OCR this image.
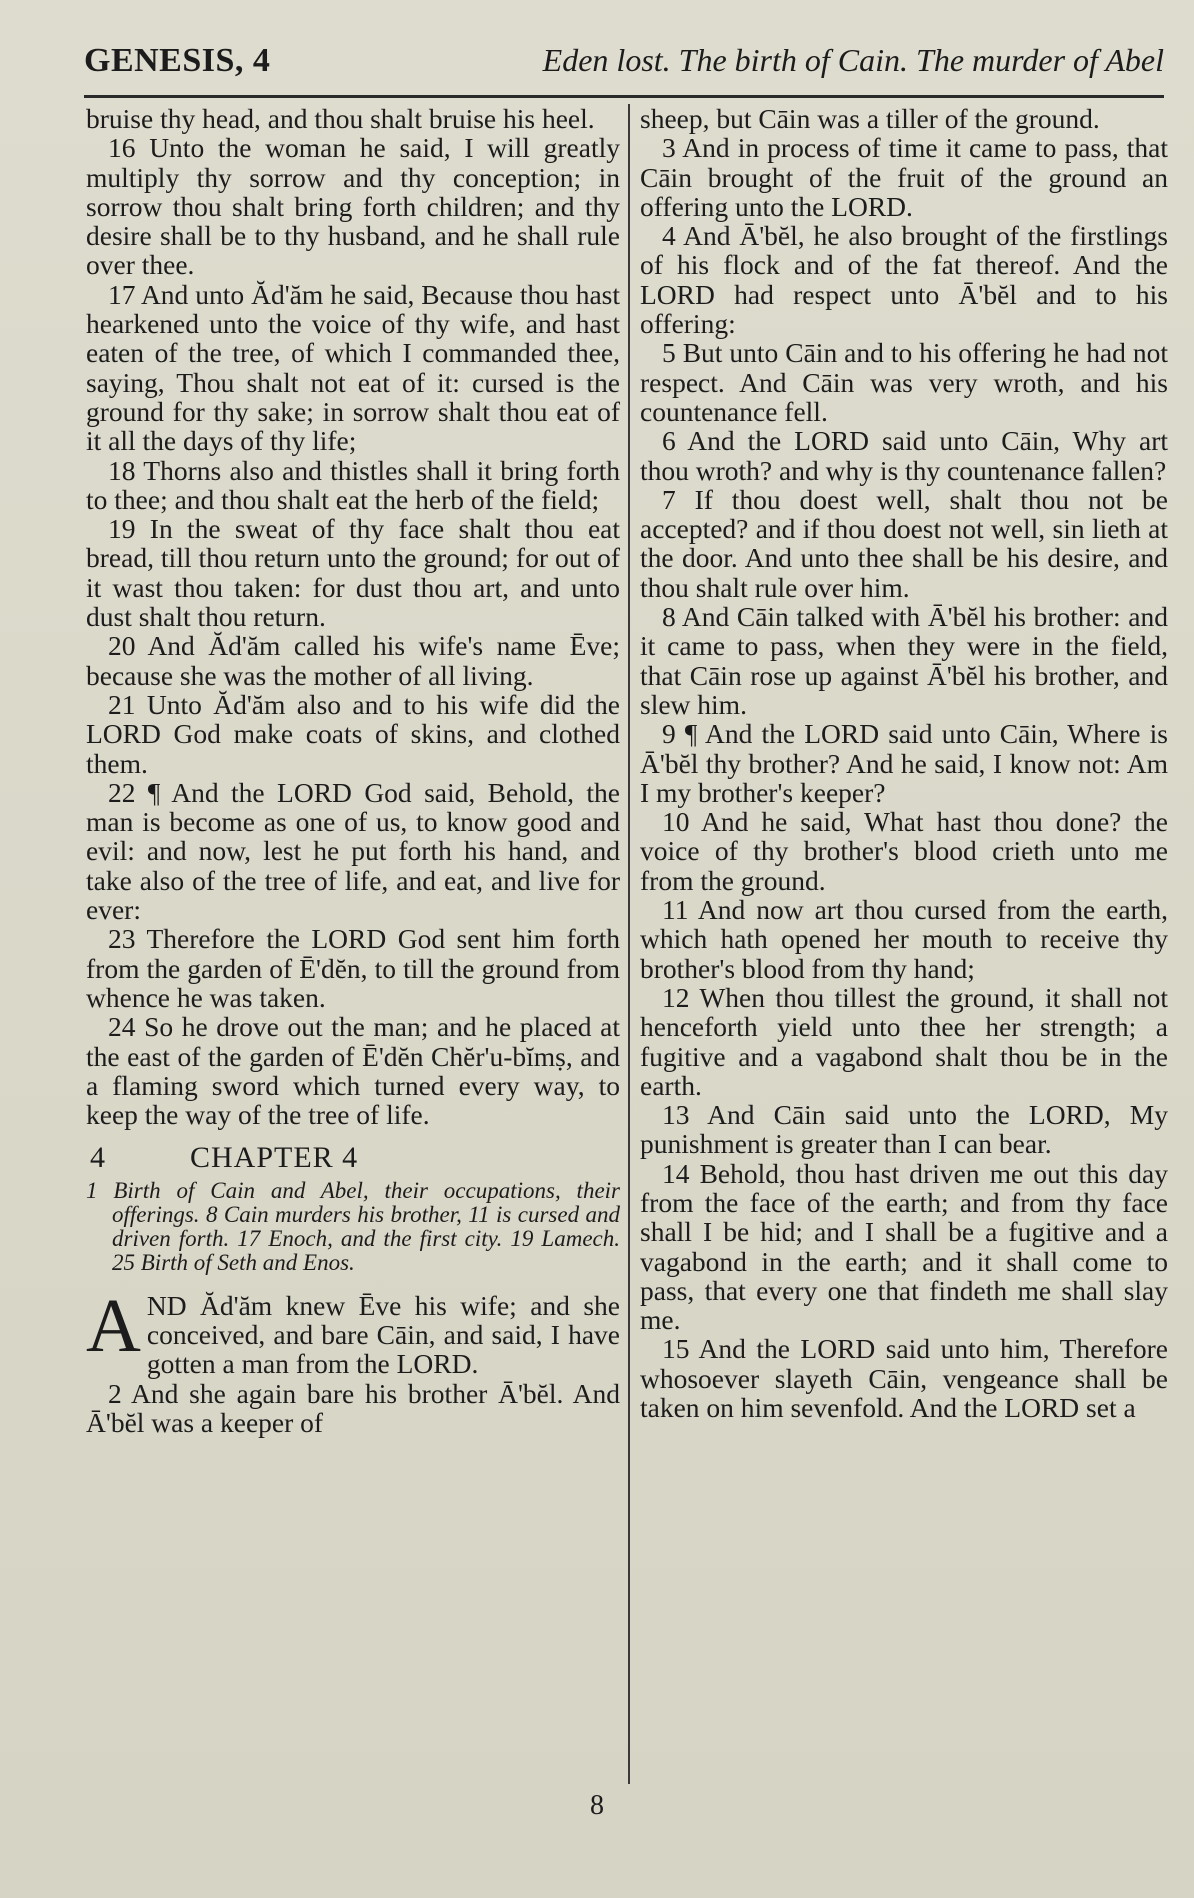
GENESIS, 4	Eden lost. The birth of Cain. The murder of Abel

bruise thy head, and thou shalt bruise his heel.

16 Unto the woman he said, I will greatly multiply thy sorrow and thy conception; in sorrow thou shalt bring forth children; and thy desire shall be to thy husband, and he shall rule over thee.

17 And unto Ăd'ăm he said, Because thou hast hearkened unto the voice of thy wife, and hast eaten of the tree, of which I commanded thee, saying, Thou shalt not eat of it: cursed is the ground for thy sake; in sorrow shalt thou eat of it all the days of thy life;

18 Thorns also and thistles shall it bring forth to thee; and thou shalt eat the herb of the field;

19 In the sweat of thy face shalt thou eat bread, till thou return unto the ground; for out of it wast thou taken: for dust thou art, and unto dust shalt thou return.

20 And Ăd'ăm called his wife's name Ēve; because she was the mother of all living.

21 Unto Ăd'ăm also and to his wife did the LORD God make coats of skins, and clothed them.

22 ¶ And the LORD God said, Behold, the man is become as one of us, to know good and evil: and now, lest he put forth his hand, and take also of the tree of life, and eat, and live for ever:

23 Therefore the LORD God sent him forth from the garden of Ē'dĕn, to till the ground from whence he was taken.

24 So he drove out the man; and he placed at the east of the garden of Ē'dĕn Chĕr'u-bĭmṣ, and a flaming sword which turned every way, to keep the way of the tree of life.

4	CHAPTER 4

1 Birth of Cain and Abel, their occupations, their offerings. 8 Cain murders his brother, 11 is cursed and driven forth. 17 Enoch, and the first city. 19 Lamech. 25 Birth of Seth and Enos.

AND Ăd'ăm knew Ēve his wife; and she conceived, and bare Cāin, and said, I have gotten a man from the LORD.

2 And she again bare his brother Ā'bĕl. And Ā'bĕl was a keeper of

sheep, but Cāin was a tiller of the ground.

3 And in process of time it came to pass, that Cāin brought of the fruit of the ground an offering unto the LORD.

4 And Ā'bĕl, he also brought of the firstlings of his flock and of the fat thereof. And the LORD had respect unto Ā'bĕl and to his offering:

5 But unto Cāin and to his offering he had not respect. And Cāin was very wroth, and his countenance fell.

6 And the LORD said unto Cāin, Why art thou wroth? and why is thy countenance fallen?

7 If thou doest well, shalt thou not be accepted? and if thou doest not well, sin lieth at the door. And unto thee shall be his desire, and thou shalt rule over him.

8 And Cāin talked with Ā'bĕl his brother: and it came to pass, when they were in the field, that Cāin rose up against Ā'bĕl his brother, and slew him.

9 ¶ And the LORD said unto Cāin, Where is Ā'bĕl thy brother? And he said, I know not: Am I my brother's keeper?

10 And he said, What hast thou done? the voice of thy brother's blood crieth unto me from the ground.

11 And now art thou cursed from the earth, which hath opened her mouth to receive thy brother's blood from thy hand;

12 When thou tillest the ground, it shall not henceforth yield unto thee her strength; a fugitive and a vagabond shalt thou be in the earth.

13 And Cāin said unto the LORD, My punishment is greater than I can bear.

14 Behold, thou hast driven me out this day from the face of the earth; and from thy face shall I be hid; and I shall be a fugitive and a vagabond in the earth; and it shall come to pass, that every one that findeth me shall slay me.

15 And the LORD said unto him, Therefore whosoever slayeth Cāin, vengeance shall be taken on him sevenfold. And the LORD set a

8
